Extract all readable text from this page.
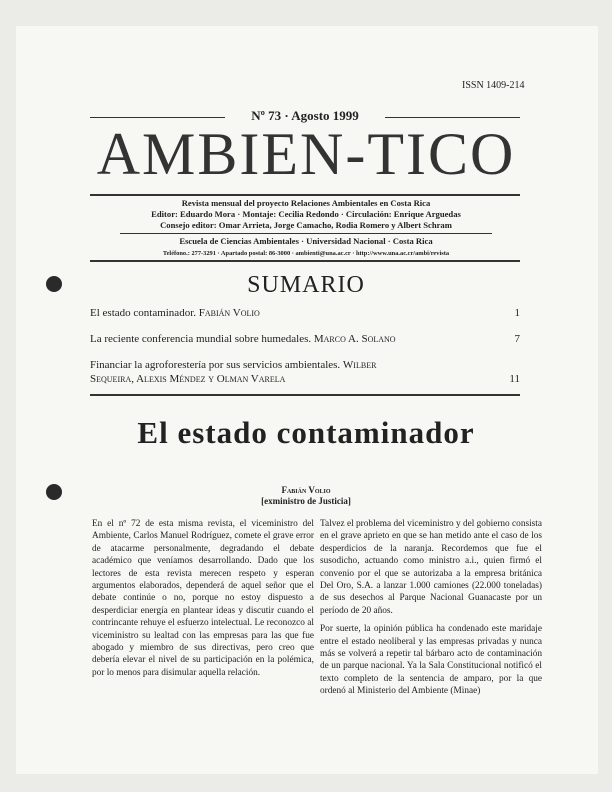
ISSN 1409-214
Nº 73 · Agosto 1999
AMBIEN-TICO
Revista mensual del proyecto Relaciones Ambientales en Costa Rica
Editor: Eduardo Mora · Montaje: Cecilia Redondo · Circulación: Enrique Arguedas
Consejo editor: Omar Arrieta, Jorge Camacho, Rodia Romero y Albert Schram
Escuela de Ciencias Ambientales · Universidad Nacional · Costa Rica
Teléfono.: 277-3291 · Apartado postal: 86-3000 · ambienti@una.ac.cr · http://www.una.ac.cr/ambi/revista
SUMARIO
El estado contaminador. Fabián Volio	1
La reciente conferencia mundial sobre humedales. Marco A. Solano	7
Financiar la agroforestería por sus servicios ambientales. Wilber
Sequeira, Alexis Méndez y Olman Varela	11
El estado contaminador
Fabián Volio
[exministro de Justicia]

En el nº 72 de esta misma revista, el viceministro del Ambiente, Carlos Manuel Rodríguez, comete el grave error de atacarme personalmente, degradando el debate académico que veníamos desarrollando. Dado que los lectores de esta revista merecen respeto y esperan argumentos elaborados, dependerá de aquel señor que el debate continúe o no, porque no estoy dispuesto a desperdiciar energía en plantear ideas y discutir cuando el contrincante rehuye el esfuerzo intelectual. Le reconozco al viceministro su lealtad con las empresas para las que fue abogado y miembro de sus directivas, pero creo que debería elevar el nivel de su participación en la polémica, por lo menos para disimular aquella relación.

Talvez el problema del viceministro y del gobierno consista en el grave aprieto en que se han metido ante el caso de los desperdicios de la naranja. Recordemos que fue el susodicho, actuando como ministro a.i., quien firmó el convenio por el que se autorizaba a la empresa británica Del Oro, S.A. a lanzar 1.000 camiones (22.000 toneladas) de sus desechos al Parque Nacional Guanacaste por un período de 20 años.

Por suerte, la opinión pública ha condenado este maridaje entre el estado neoliberal y las empresas privadas y nunca más se volverá a repetir tal bárbaro acto de contaminación de un parque nacional. Ya la Sala Constitucional notificó el texto completo de la sentencia de amparo, por la que ordenó al Ministerio del Ambiente (Minae)
